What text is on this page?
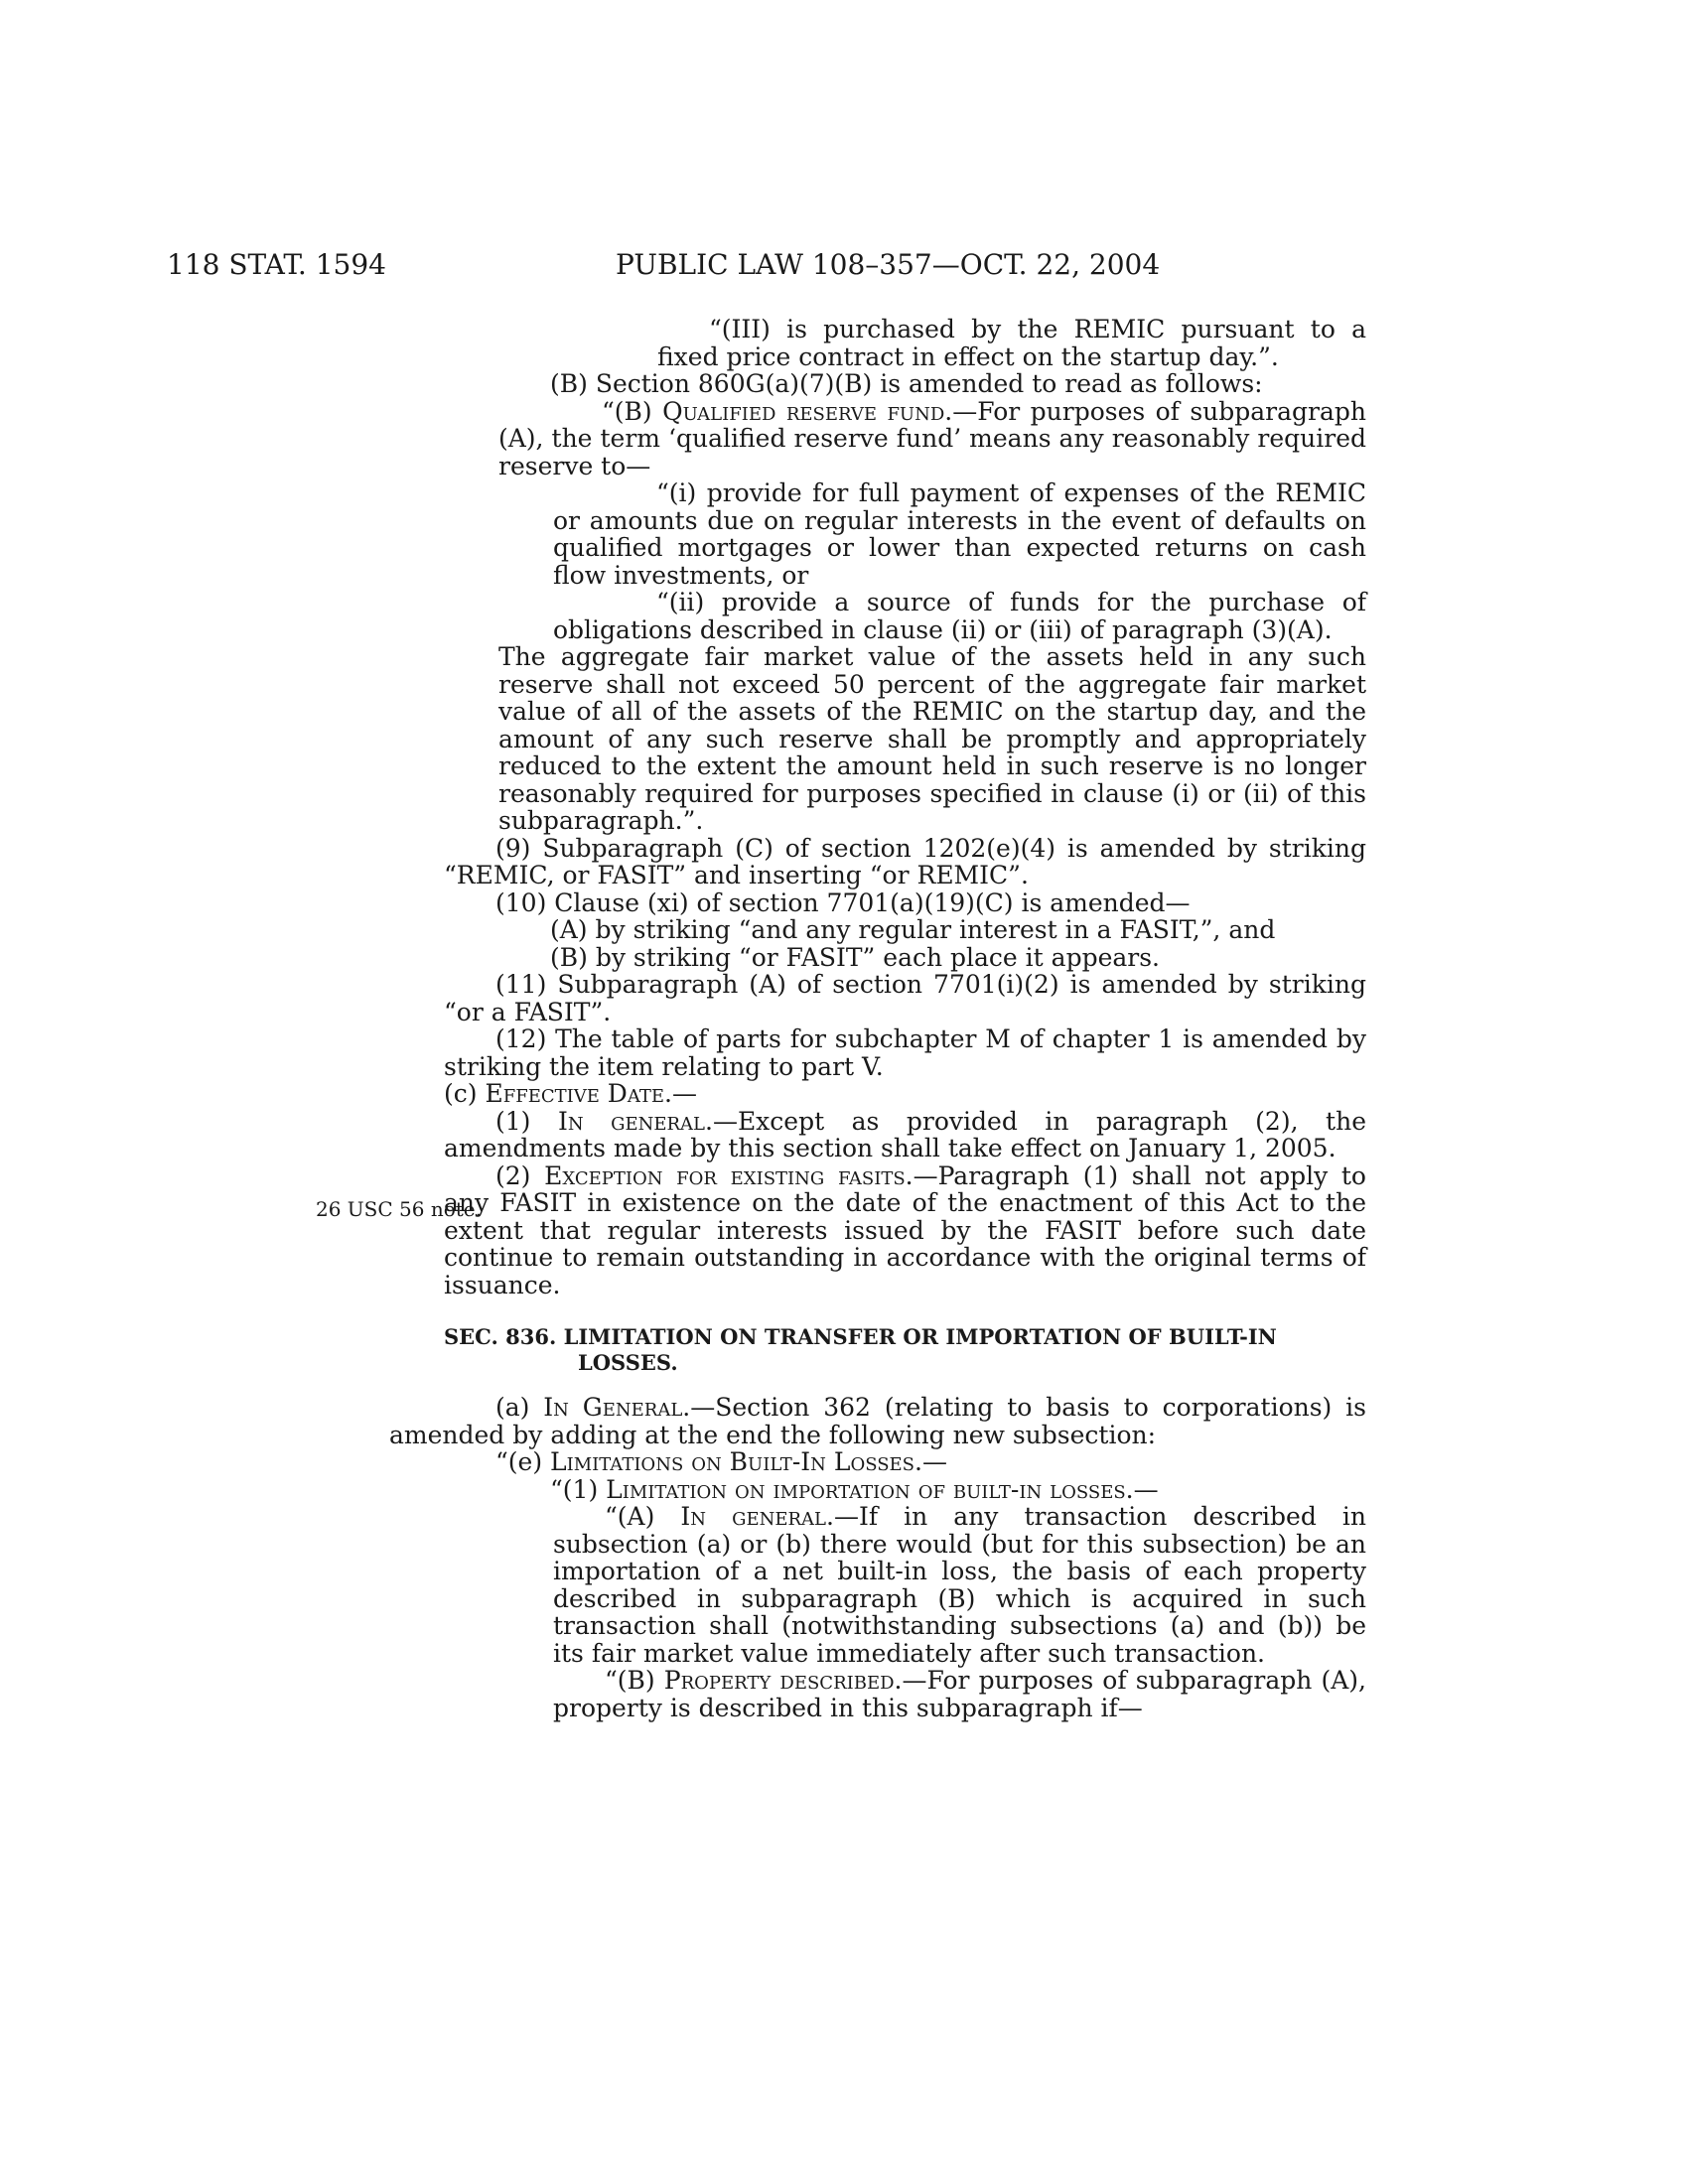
118 STAT. 1594	PUBLIC LAW 108–357—OCT. 22, 2004
26 USC 56 note.

“(III) is purchased by the REMIC pursuant to a fixed price contract in effect on the startup day.”.

(B) Section 860G(a)(7)(B) is amended to read as follows:

“(B) Qualified reserve fund.—For purposes of subparagraph (A), the term ‘qualified reserve fund’ means any reasonably required reserve to—

“(i) provide for full payment of expenses of the REMIC or amounts due on regular interests in the event of defaults on qualified mortgages or lower than expected returns on cash flow investments, or

“(ii) provide a source of funds for the purchase of obligations described in clause (ii) or (iii) of paragraph (3)(A).

The aggregate fair market value of the assets held in any such reserve shall not exceed 50 percent of the aggregate fair market value of all of the assets of the REMIC on the startup day, and the amount of any such reserve shall be promptly and appropriately reduced to the extent the amount held in such reserve is no longer reasonably required for purposes specified in clause (i) or (ii) of this subparagraph.”.

(9) Subparagraph (C) of section 1202(e)(4) is amended by striking “REMIC, or FASIT” and inserting “or REMIC”.

(10) Clause (xi) of section 7701(a)(19)(C) is amended—

(A) by striking “and any regular interest in a FASIT,”, and

(B) by striking “or FASIT” each place it appears.

(11) Subparagraph (A) of section 7701(i)(2) is amended by striking “or a FASIT”.

(12) The table of parts for subchapter M of chapter 1 is amended by striking the item relating to part V.

(c) Effective Date.—

(1) In general.—Except as provided in paragraph (2), the amendments made by this section shall take effect on January 1, 2005.

(2) Exception for existing fasits.—Paragraph (1) shall not apply to any FASIT in existence on the date of the enactment of this Act to the extent that regular interests issued by the FASIT before such date continue to remain outstanding in accordance with the original terms of issuance.

SEC. 836. LIMITATION ON TRANSFER OR IMPORTATION OF BUILT-IN LOSSES.

(a) In General.—Section 362 (relating to basis to corporations) is amended by adding at the end the following new subsection:

“(e) Limitations on Built-In Losses.—

“(1) Limitation on importation of built-in losses.—

“(A) In general.—If in any transaction described in subsection (a) or (b) there would (but for this subsection) be an importation of a net built-in loss, the basis of each property described in subparagraph (B) which is acquired in such transaction shall (notwithstanding subsections (a) and (b)) be its fair market value immediately after such transaction.

“(B) Property described.—For purposes of subparagraph (A), property is described in this subparagraph if—
